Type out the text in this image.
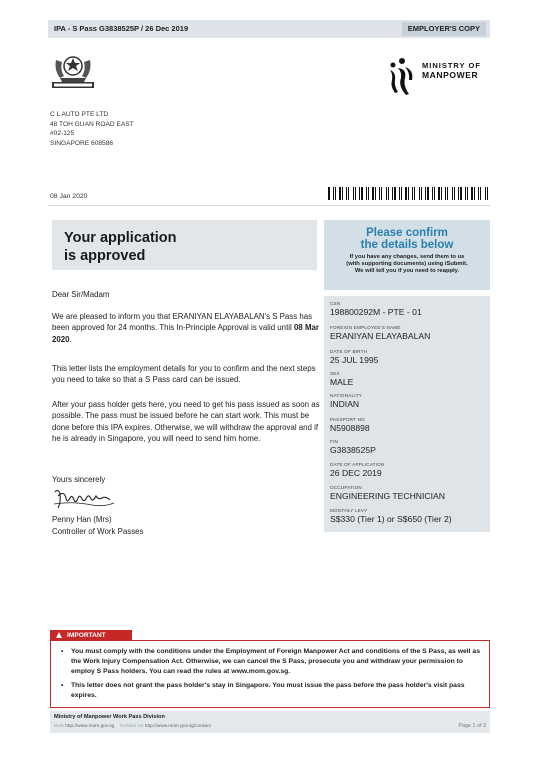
IPA - S Pass G3838525P / 26 Dec 2019	EMPLOYER'S COPY
MINISTRY OF
MANPOWER
C L AUTO PTE LTD
48 TOH GUAN ROAD EAST
#02-125
SINGAPORE 608586
08 Jan 2020
Your application
is approved
Please confirm
the details below
If you have any changes, send them to us
(with supporting documents) using iSubmit.
We will tell you if you need to reapply.
Dear Sir/Madam
We are pleased to inform you that ERANIYAN ELAYABALAN's S Pass has been approved for 24 months. This In-Principle Approval is valid until 08 Mar 2020.
This letter lists the employment details for you to confirm and the next steps you need to take so that a S Pass card can be issued.
After your pass holder gets here, you need to get his pass issued as soon as possible. The pass must be issued before he can start work. This must be done before this IPA expires. Otherwise, we will withdraw the approval and if he is already in Singapore, you will need to send him home.
Yours sincerely
Penny Han (Mrs)
Controller of Work Passes
CSN
198800292M - PTE - 01
FOREIGN EMPLOYEE'S NAME
ERANIYAN ELAYABALAN
DATE OF BIRTH
25 JUL 1995
SEX
MALE
NATIONALITY
INDIAN
PASSPORT NO
N5908898
FIN
G3838525P
DATE OF APPLICATION
26 DEC 2019
OCCUPATION
ENGINEERING TECHNICIAN
MONTHLY LEVY
S$330 (Tier 1) or S$650 (Tier 2)
IMPORTANT
• You must comply with the conditions under the Employment of Foreign Manpower Act and conditions of the S Pass, as well as the Work Injury Compensation Act. Otherwise, we can cancel the S Pass, prosecute you and withdraw your permission to employ S Pass holders. You can read the rules at www.mom.gov.sg.
• This letter does not grant the pass holder's stay in Singapore. You must issue the pass before the pass holder's visit pass expires.
Ministry of Manpower Work Pass Division
Web http://www.mom.gov.sg Contact Us http://www.mom.gov.sg/contact	Page 1 of 3
